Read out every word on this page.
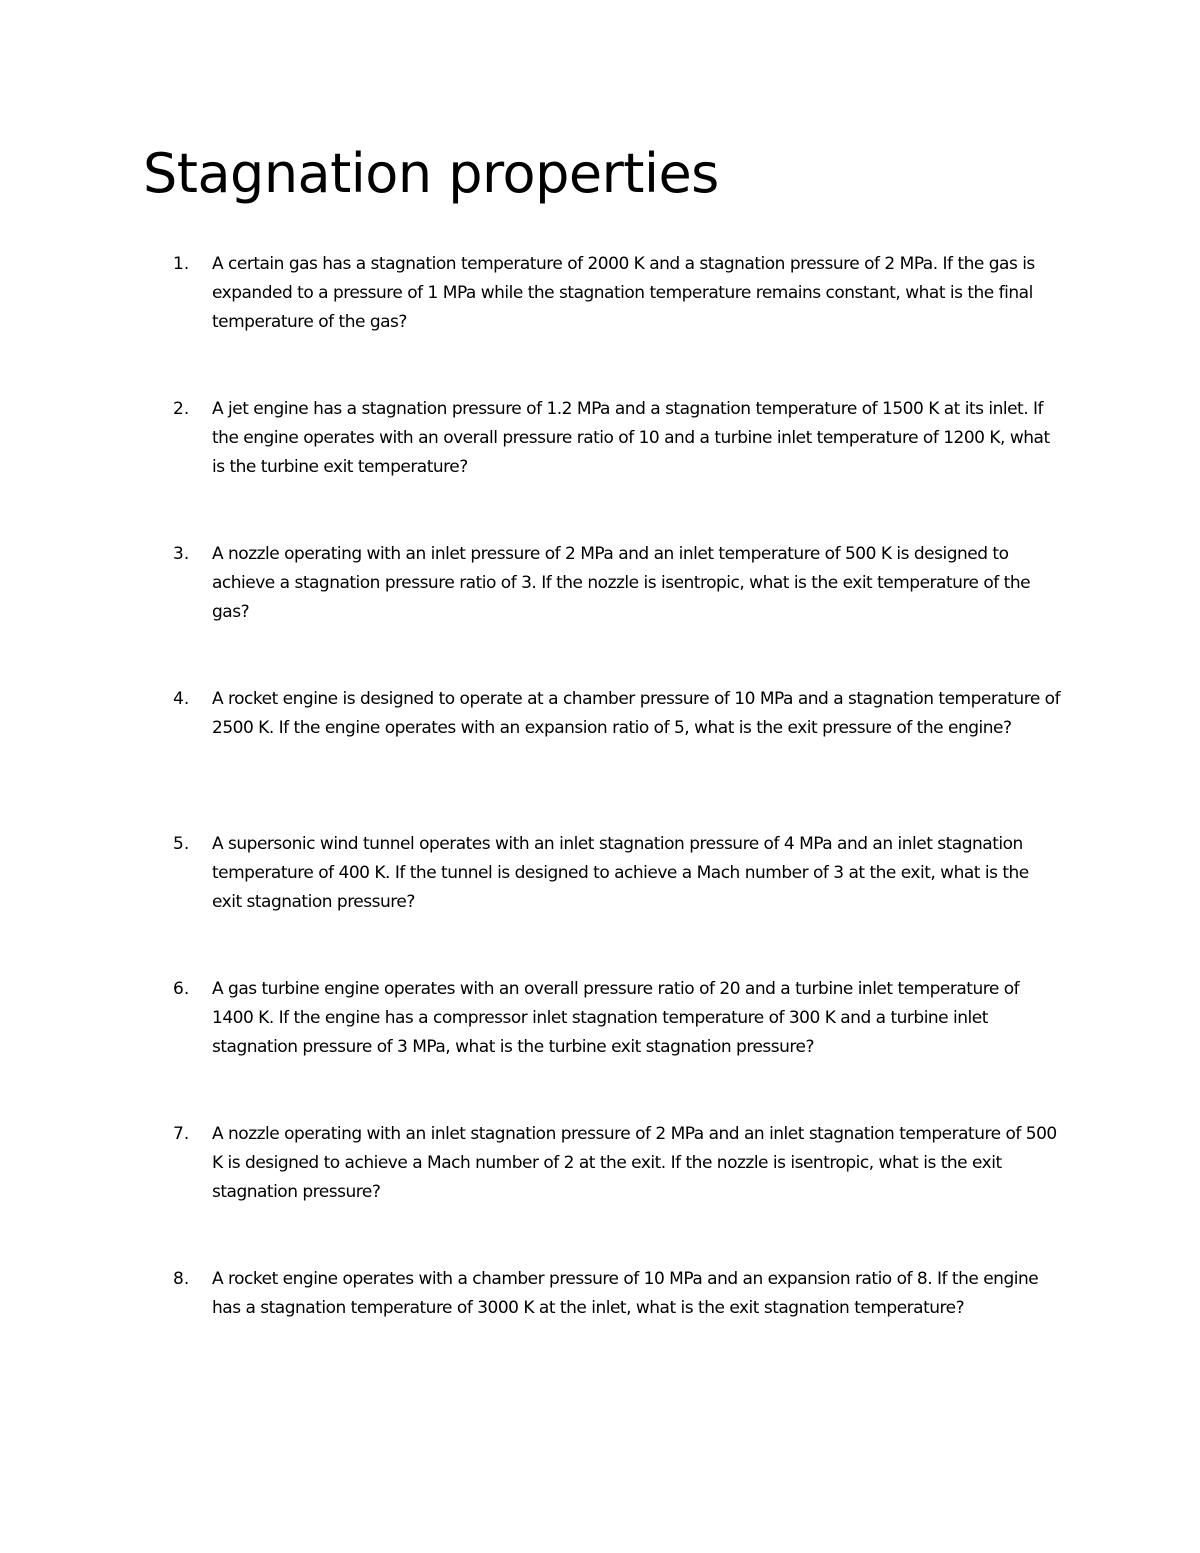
Stagnation properties
1. A certain gas has a stagnation temperature of 2000 K and a stagnation pressure of 2 MPa. If the gas is expanded to a pressure of 1 MPa while the stagnation temperature remains constant, what is the final temperature of the gas?

2. A jet engine has a stagnation pressure of 1.2 MPa and a stagnation temperature of 1500 K at its inlet. If the engine operates with an overall pressure ratio of 10 and a turbine inlet temperature of 1200 K, what is the turbine exit temperature?

3. A nozzle operating with an inlet pressure of 2 MPa and an inlet temperature of 500 K is designed to achieve a stagnation pressure ratio of 3. If the nozzle is isentropic, what is the exit temperature of the gas?

4. A rocket engine is designed to operate at a chamber pressure of 10 MPa and a stagnation temperature of 2500 K. If the engine operates with an expansion ratio of 5, what is the exit pressure of the engine?

5. A supersonic wind tunnel operates with an inlet stagnation pressure of 4 MPa and an inlet stagnation temperature of 400 K. If the tunnel is designed to achieve a Mach number of 3 at the exit, what is the exit stagnation pressure?

6. A gas turbine engine operates with an overall pressure ratio of 20 and a turbine inlet temperature of 1400 K. If the engine has a compressor inlet stagnation temperature of 300 K and a turbine inlet stagnation pressure of 3 MPa, what is the turbine exit stagnation pressure?

7. A nozzle operating with an inlet stagnation pressure of 2 MPa and an inlet stagnation temperature of 500 K is designed to achieve a Mach number of 2 at the exit. If the nozzle is isentropic, what is the exit stagnation pressure?

8. A rocket engine operates with a chamber pressure of 10 MPa and an expansion ratio of 8. If the engine has a stagnation temperature of 3000 K at the inlet, what is the exit stagnation temperature?
